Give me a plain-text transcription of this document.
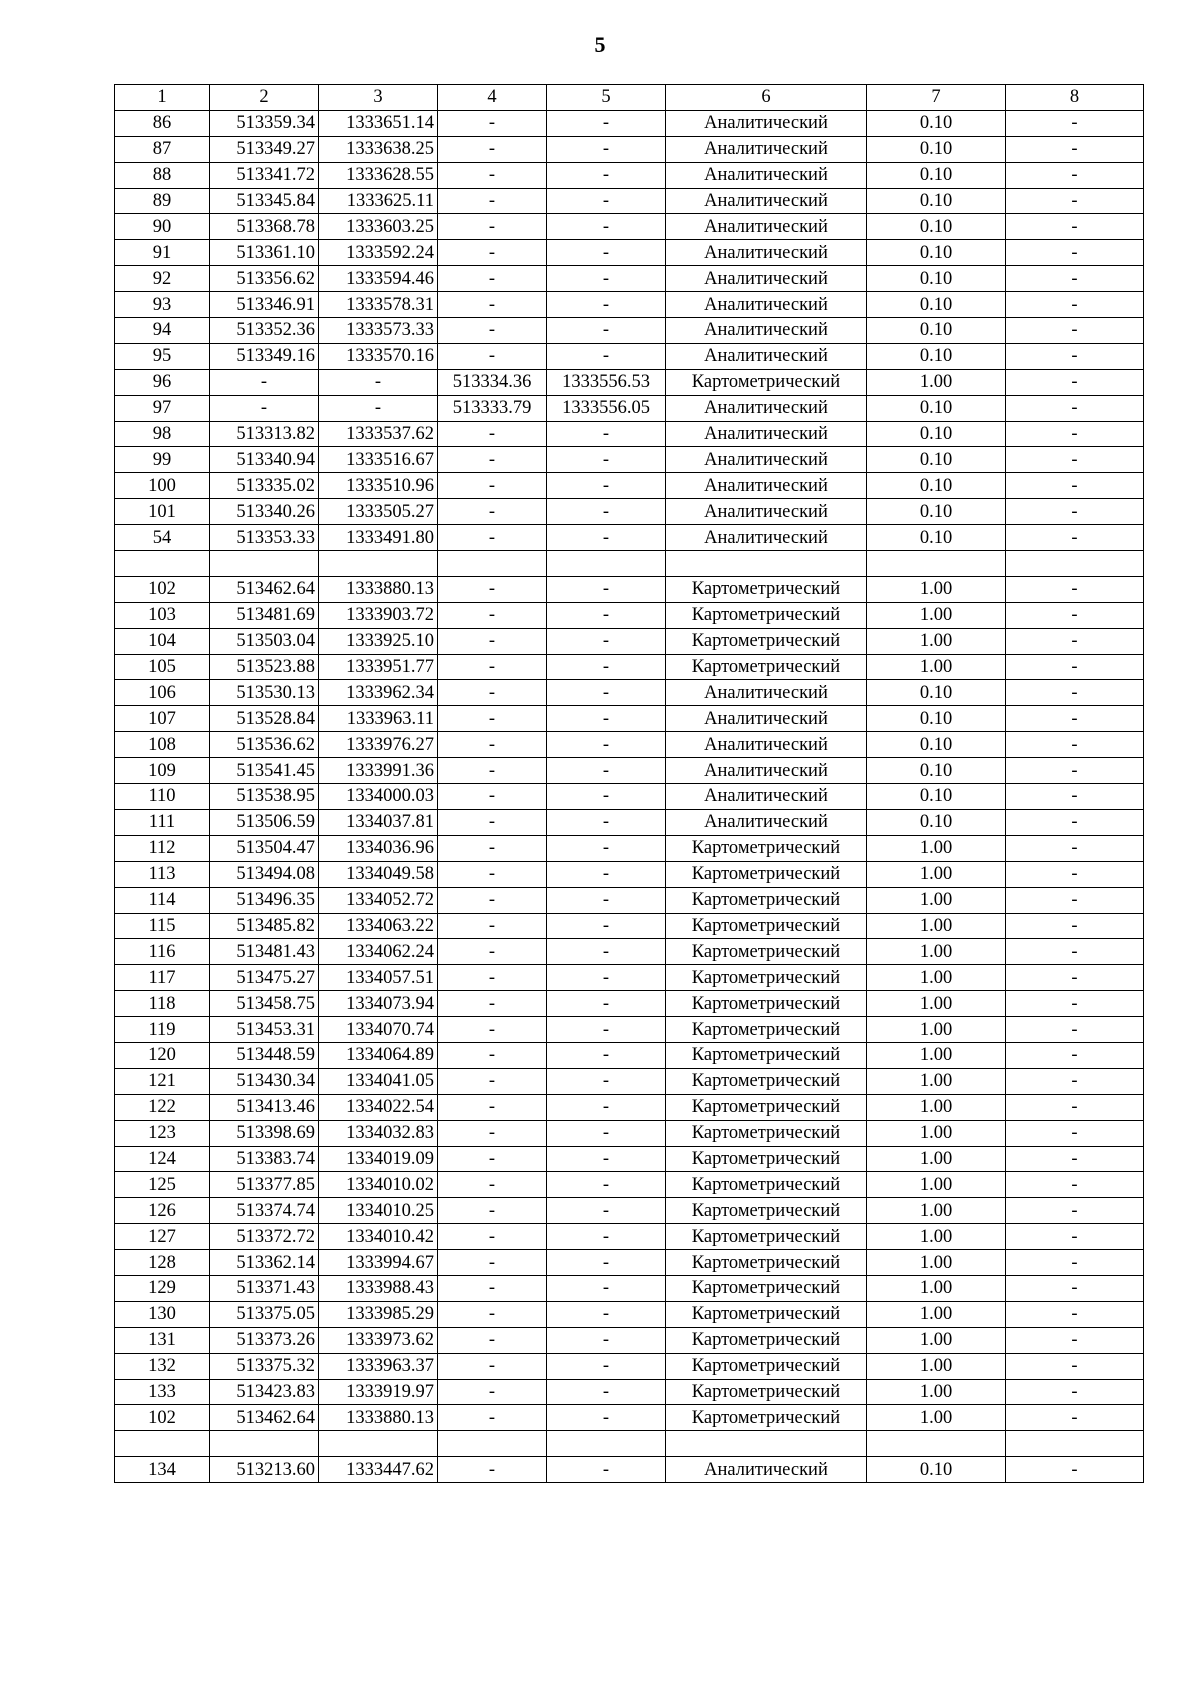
5
1	2	3	4	5	6	7	8
86	513359.34	1333651.14	-	-	Аналитический	0.10	-
87	513349.27	1333638.25	-	-	Аналитический	0.10	-
88	513341.72	1333628.55	-	-	Аналитический	0.10	-
89	513345.84	1333625.11	-	-	Аналитический	0.10	-
90	513368.78	1333603.25	-	-	Аналитический	0.10	-
91	513361.10	1333592.24	-	-	Аналитический	0.10	-
92	513356.62	1333594.46	-	-	Аналитический	0.10	-
93	513346.91	1333578.31	-	-	Аналитический	0.10	-
94	513352.36	1333573.33	-	-	Аналитический	0.10	-
95	513349.16	1333570.16	-	-	Аналитический	0.10	-
96	-	-	513334.36	1333556.53	Картометрический	1.00	-
97	-	-	513333.79	1333556.05	Аналитический	0.10	-
98	513313.82	1333537.62	-	-	Аналитический	0.10	-
99	513340.94	1333516.67	-	-	Аналитический	0.10	-
100	513335.02	1333510.96	-	-	Аналитический	0.10	-
101	513340.26	1333505.27	-	-	Аналитический	0.10	-
54	513353.33	1333491.80	-	-	Аналитический	0.10	-

102	513462.64	1333880.13	-	-	Картометрический	1.00	-
103	513481.69	1333903.72	-	-	Картометрический	1.00	-
104	513503.04	1333925.10	-	-	Картометрический	1.00	-
105	513523.88	1333951.77	-	-	Картометрический	1.00	-
106	513530.13	1333962.34	-	-	Аналитический	0.10	-
107	513528.84	1333963.11	-	-	Аналитический	0.10	-
108	513536.62	1333976.27	-	-	Аналитический	0.10	-
109	513541.45	1333991.36	-	-	Аналитический	0.10	-
110	513538.95	1334000.03	-	-	Аналитический	0.10	-
111	513506.59	1334037.81	-	-	Аналитический	0.10	-
112	513504.47	1334036.96	-	-	Картометрический	1.00	-
113	513494.08	1334049.58	-	-	Картометрический	1.00	-
114	513496.35	1334052.72	-	-	Картометрический	1.00	-
115	513485.82	1334063.22	-	-	Картометрический	1.00	-
116	513481.43	1334062.24	-	-	Картометрический	1.00	-
117	513475.27	1334057.51	-	-	Картометрический	1.00	-
118	513458.75	1334073.94	-	-	Картометрический	1.00	-
119	513453.31	1334070.74	-	-	Картометрический	1.00	-
120	513448.59	1334064.89	-	-	Картометрический	1.00	-
121	513430.34	1334041.05	-	-	Картометрический	1.00	-
122	513413.46	1334022.54	-	-	Картометрический	1.00	-
123	513398.69	1334032.83	-	-	Картометрический	1.00	-
124	513383.74	1334019.09	-	-	Картометрический	1.00	-
125	513377.85	1334010.02	-	-	Картометрический	1.00	-
126	513374.74	1334010.25	-	-	Картометрический	1.00	-
127	513372.72	1334010.42	-	-	Картометрический	1.00	-
128	513362.14	1333994.67	-	-	Картометрический	1.00	-
129	513371.43	1333988.43	-	-	Картометрический	1.00	-
130	513375.05	1333985.29	-	-	Картометрический	1.00	-
131	513373.26	1333973.62	-	-	Картометрический	1.00	-
132	513375.32	1333963.37	-	-	Картометрический	1.00	-
133	513423.83	1333919.97	-	-	Картометрический	1.00	-
102	513462.64	1333880.13	-	-	Картометрический	1.00	-

134	513213.60	1333447.62	-	-	Аналитический	0.10	-
